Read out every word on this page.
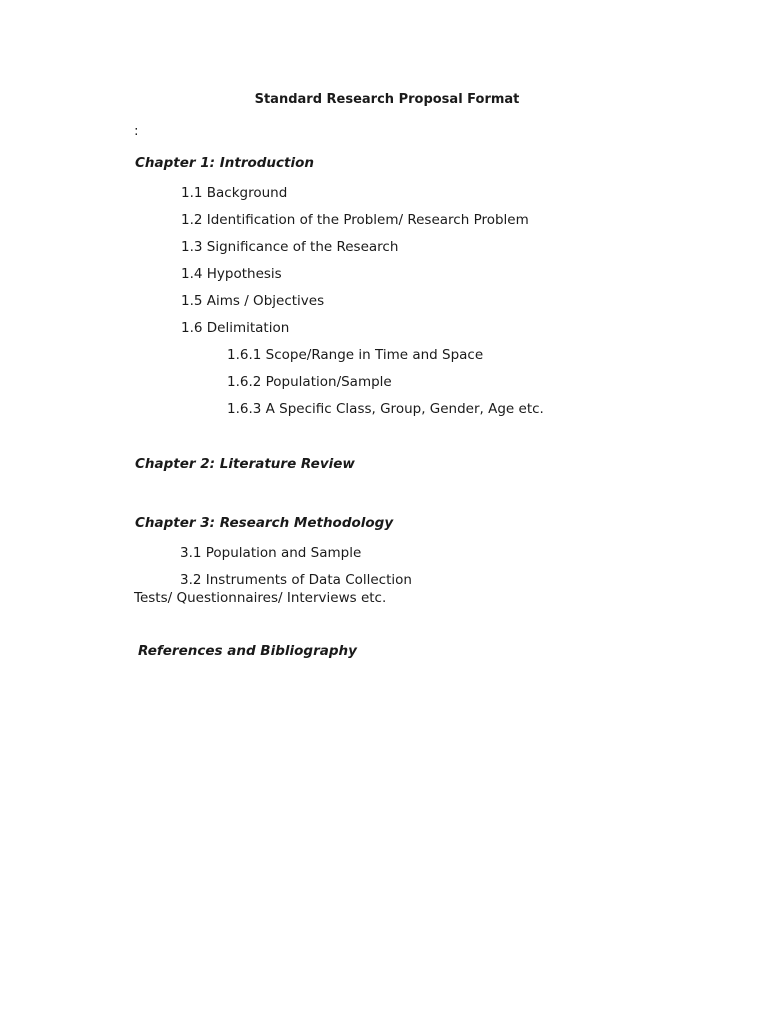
Standard Research Proposal Format
:
Chapter 1: Introduction
1.1 Background
1.2 Identification of the Problem/ Research Problem
1.3 Significance of the Research
1.4 Hypothesis
1.5 Aims / Objectives
1.6 Delimitation
1.6.1 Scope/Range in Time and Space
1.6.2 Population/Sample
1.6.3 A Specific Class, Group, Gender, Age etc.
Chapter 2: Literature Review
Chapter 3: Research Methodology
3.1 Population and Sample
3.2 Instruments of Data Collection
Tests/ Questionnaires/ Interviews etc.
References and Bibliography
